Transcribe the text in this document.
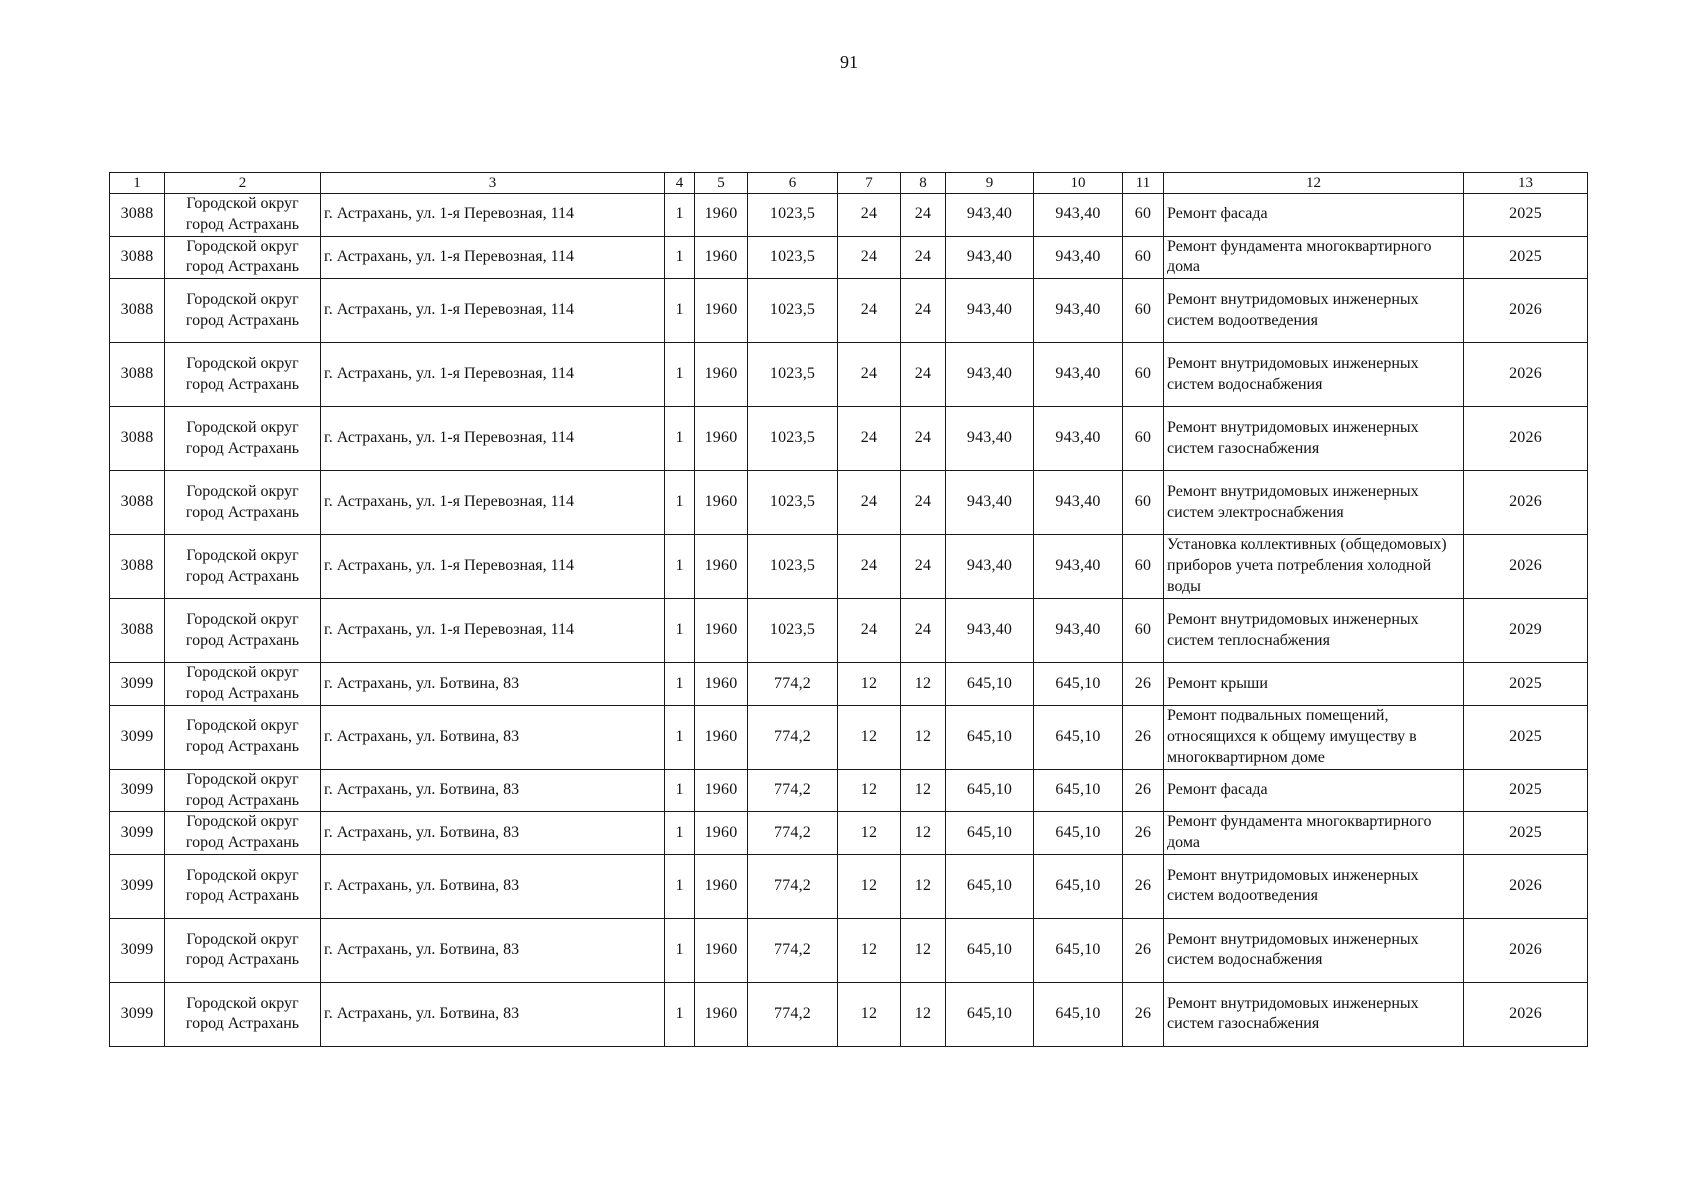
91
1	2	3	4	5	6	7	8	9	10	11	12	13
3088	Городской округ город Астрахань	г. Астрахань, ул. 1-я Перевозная, 114	1	1960	1023,5	24	24	943,40	943,40	60	Ремонт фасада	2025
3088	Городской округ город Астрахань	г. Астрахань, ул. 1-я Перевозная, 114	1	1960	1023,5	24	24	943,40	943,40	60	Ремонт фундамента многоквартирного дома	2025
3088	Городской округ город Астрахань	г. Астрахань, ул. 1-я Перевозная, 114	1	1960	1023,5	24	24	943,40	943,40	60	Ремонт внутридомовых инженерных систем водоотведения	2026
3088	Городской округ город Астрахань	г. Астрахань, ул. 1-я Перевозная, 114	1	1960	1023,5	24	24	943,40	943,40	60	Ремонт внутридомовых инженерных систем водоснабжения	2026
3088	Городской округ город Астрахань	г. Астрахань, ул. 1-я Перевозная, 114	1	1960	1023,5	24	24	943,40	943,40	60	Ремонт внутридомовых инженерных систем газоснабжения	2026
3088	Городской округ город Астрахань	г. Астрахань, ул. 1-я Перевозная, 114	1	1960	1023,5	24	24	943,40	943,40	60	Ремонт внутридомовых инженерных систем электроснабжения	2026
3088	Городской округ город Астрахань	г. Астрахань, ул. 1-я Перевозная, 114	1	1960	1023,5	24	24	943,40	943,40	60	Установка коллективных (общедомовых) приборов учета потребления холодной воды	2026
3088	Городской округ город Астрахань	г. Астрахань, ул. 1-я Перевозная, 114	1	1960	1023,5	24	24	943,40	943,40	60	Ремонт внутридомовых инженерных систем теплоснабжения	2029
3099	Городской округ город Астрахань	г. Астрахань, ул. Ботвина, 83	1	1960	774,2	12	12	645,10	645,10	26	Ремонт крыши	2025
3099	Городской округ город Астрахань	г. Астрахань, ул. Ботвина, 83	1	1960	774,2	12	12	645,10	645,10	26	Ремонт подвальных помещений, относящихся к общему имуществу в многоквартирном доме	2025
3099	Городской округ город Астрахань	г. Астрахань, ул. Ботвина, 83	1	1960	774,2	12	12	645,10	645,10	26	Ремонт фасада	2025
3099	Городской округ город Астрахань	г. Астрахань, ул. Ботвина, 83	1	1960	774,2	12	12	645,10	645,10	26	Ремонт фундамента многоквартирного дома	2025
3099	Городской округ город Астрахань	г. Астрахань, ул. Ботвина, 83	1	1960	774,2	12	12	645,10	645,10	26	Ремонт внутридомовых инженерных систем водоотведения	2026
3099	Городской округ город Астрахань	г. Астрахань, ул. Ботвина, 83	1	1960	774,2	12	12	645,10	645,10	26	Ремонт внутридомовых инженерных систем водоснабжения	2026
3099	Городской округ город Астрахань	г. Астрахань, ул. Ботвина, 83	1	1960	774,2	12	12	645,10	645,10	26	Ремонт внутридомовых инженерных систем газоснабжения	2026
